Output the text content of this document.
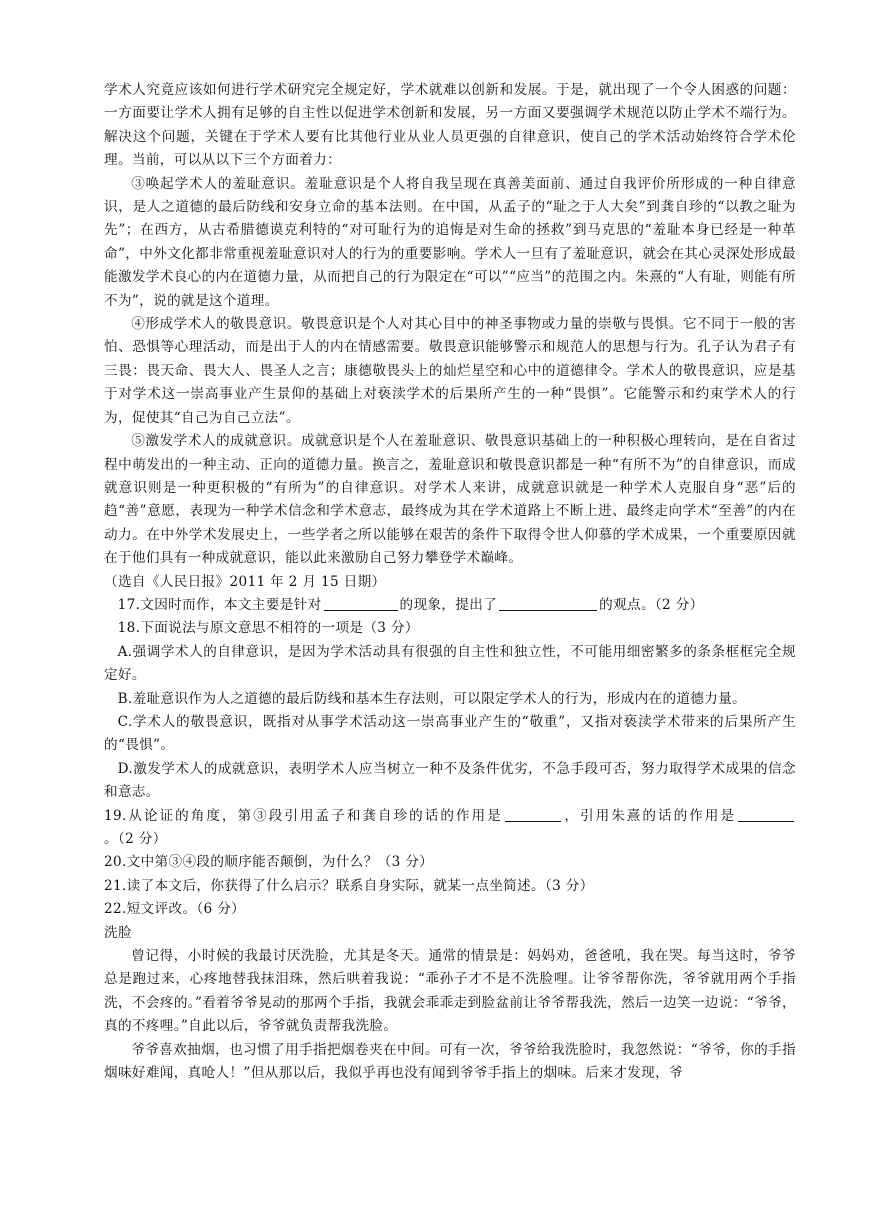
学术人究竟应该如何进行学术研究完全规定好，学术就难以创新和发展。于是，就出现了一个令人困惑的问题：一方面要让学术人拥有足够的自主性以促进学术创新和发展，另一方面又要强调学术规范以防止学术不端行为。解决这个问题，关键在于学术人要有比其他行业从业人员更强的自律意识，使自己的学术活动始终符合学术伦理。当前，可以从以下三个方面着力：

③唤起学术人的羞耻意识。羞耻意识是个人将自我呈现在真善美面前、通过自我评价所形成的一种自律意识，是人之道德的最后防线和安身立命的基本法则。在中国，从孟子的“耻之于人大矣”到龚自珍的“以教之耻为先”；在西方，从古希腊德谟克利特的“对可耻行为的追悔是对生命的拯救”到马克思的“羞耻本身已经是一种革命”，中外文化都非常重视羞耻意识对人的行为的重要影响。学术人一旦有了羞耻意识，就会在其心灵深处形成最能激发学术良心的内在道德力量，从而把自己的行为限定在“可以”“应当”的范围之内。朱熹的“人有耻，则能有所不为”，说的就是这个道理。

④形成学术人的敬畏意识。敬畏意识是个人对其心目中的神圣事物或力量的崇敬与畏惧。它不同于一般的害怕、恐惧等心理活动，而是出于人的内在情感需要。敬畏意识能够警示和规范人的思想与行为。孔子认为君子有三畏：畏天命、畏大人、畏圣人之言；康德敬畏头上的灿烂星空和心中的道德律令。学术人的敬畏意识，应是基于对学术这一崇高事业产生景仰的基础上对亵渎学术的后果所产生的一种“畏惧”。它能警示和约束学术人的行为，促使其“自己为自己立法”。

⑤激发学术人的成就意识。成就意识是个人在羞耻意识、敬畏意识基础上的一种积极心理转向，是在自省过程中萌发出的一种主动、正向的道德力量。换言之，羞耻意识和敬畏意识都是一种“有所不为”的自律意识，而成就意识则是一种更积极的“有所为”的自律意识。对学术人来讲，成就意识就是一种学术人克服自身“恶”后的趋“善”意愿，表现为一种学术信念和学术意志，最终成为其在学术道路上不断上进、最终走向学术“至善”的内在动力。在中外学术发展史上，一些学者之所以能够在艰苦的条件下取得令世人仰慕的学术成果，一个重要原因就在于他们具有一种成就意识，能以此来激励自己努力攀登学术巅峰。

（选自《人民日报》2011 年 2 月 15 日期）

17.文因时而作，本文主要是针对	的现象，提出了	的观点。（2 分）

18.下面说法与原文意思不相符的一项是（3 分）

A.强调学术人的自律意识，是因为学术活动具有很强的自主性和独立性，不可能用细密繁多的条条框框完全规定好。

B.羞耻意识作为人之道德的最后防线和基本生存法则，可以限定学术人的行为，形成内在的道德力量。

C.学术人的敬畏意识，既指对从事学术活动这一崇高事业产生的“敬重”，又指对亵渎学术带来的后果所产生的“畏惧”。

D.激发学术人的成就意识，表明学术人应当树立一种不及条件优劣，不急手段可否，努力取得学术成果的信念和意志。

19.从论证的角度，第③段引用孟子和龚自珍的话的作用是	，引用朱熹的话的作用是。（2 分）

20.文中第③④段的顺序能否颠倒，为什么？（3 分）

21.读了本文后，你获得了什么启示？联系自身实际，就某一点坐简述。（3 分）

22.短文评改。（6 分）

洗脸

曾记得，小时候的我最讨厌洗脸，尤其是冬天。通常的情景是：妈妈劝，爸爸吼，我在哭。每当这时，爷爷总是跑过来，心疼地替我抹泪珠，然后哄着我说：“乖孙子才不是不洗脸哩。让爷爷帮你洗，爷爷就用两个手指洗，不会疼的。”看着爷爷晃动的那两个手指，我就会乖乖走到脸盆前让爷爷帮我洗，然后一边笑一边说：“爷爷，真的不疼哩。”自此以后，爷爷就负责帮我洗脸。

爷爷喜欢抽烟，也习惯了用手指把烟卷夹在中间。可有一次，爷爷给我洗脸时，我忽然说：“爷爷，你的手指烟味好难闻，真呛人！”但从那以后，我似乎再也没有闻到爷爷手指上的烟味。后来才发现，爷
